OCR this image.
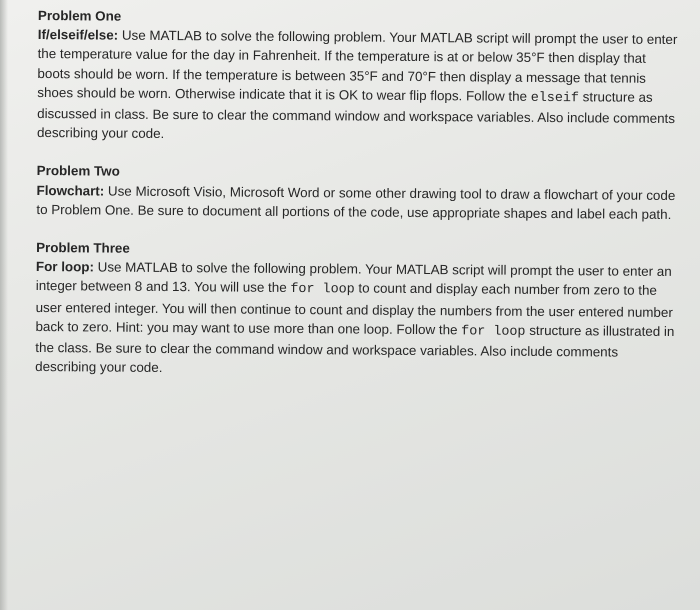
Problem One
If/elseif/else: Use MATLAB to solve the following problem. Your MATLAB script will prompt the user to enter the temperature value for the day in Fahrenheit. If the temperature is at or below 35°F then display that boots should be worn. If the temperature is between 35°F and 70°F then display a message that tennis shoes should be worn. Otherwise indicate that it is OK to wear flip flops. Follow the elseif structure as discussed in class. Be sure to clear the command window and workspace variables. Also include comments describing your code.

Problem Two
Flowchart: Use Microsoft Visio, Microsoft Word or some other drawing tool to draw a flowchart of your code to Problem One. Be sure to document all portions of the code, use appropriate shapes and label each path.

Problem Three
For loop: Use MATLAB to solve the following problem. Your MATLAB script will prompt the user to enter an integer between 8 and 13. You will use the for loop to count and display each number from zero to the user entered integer. You will then continue to count and display the numbers from the user entered number back to zero. Hint: you may want to use more than one loop. Follow the for loop structure as illustrated in the class. Be sure to clear the command window and workspace variables. Also include comments describing your code.
